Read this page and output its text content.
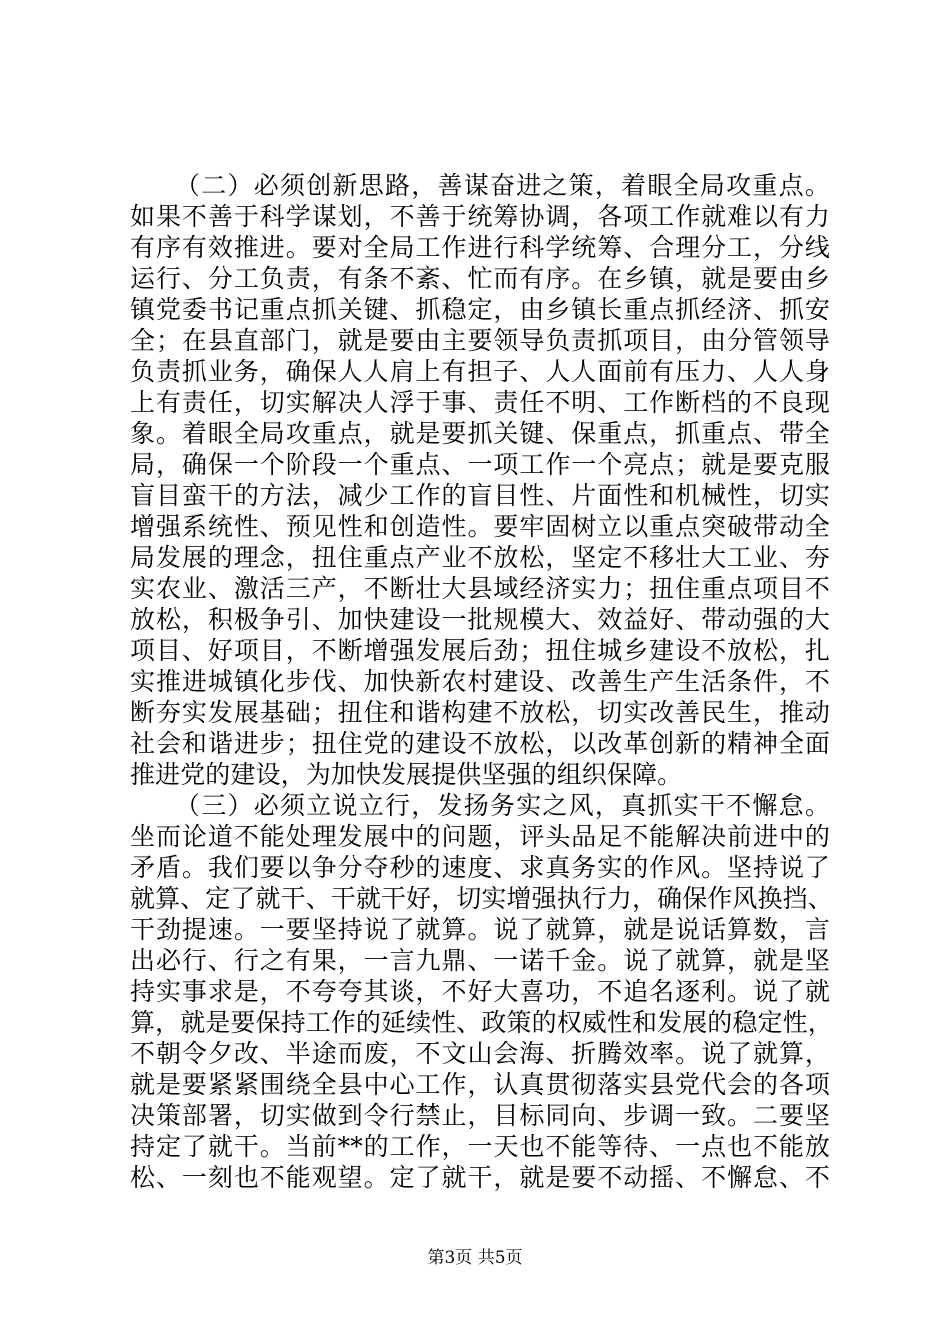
（二）必须创新思路，善谋奋进之策，着眼全局攻重点。
如果不善于科学谋划，不善于统筹协调，各项工作就难以有力
有序有效推进。要对全局工作进行科学统筹、合理分工，分线
运行、分工负责，有条不紊、忙而有序。在乡镇，就是要由乡
镇党委书记重点抓关键、抓稳定，由乡镇长重点抓经济、抓安
全；在县直部门，就是要由主要领导负责抓项目，由分管领导
负责抓业务，确保人人肩上有担子、人人面前有压力、人人身
上有责任，切实解决人浮于事、责任不明、工作断档的不良现
象。着眼全局攻重点，就是要抓关键、保重点，抓重点、带全
局，确保一个阶段一个重点、一项工作一个亮点；就是要克服
盲目蛮干的方法，减少工作的盲目性、片面性和机械性，切实
增强系统性、预见性和创造性。要牢固树立以重点突破带动全
局发展的理念，扭住重点产业不放松，坚定不移壮大工业、夯
实农业、激活三产，不断壮大县域经济实力；扭住重点项目不
放松，积极争引、加快建设一批规模大、效益好、带动强的大
项目、好项目，不断增强发展后劲；扭住城乡建设不放松，扎
实推进城镇化步伐、加快新农村建设、改善生产生活条件，不
断夯实发展基础；扭住和谐构建不放松，切实改善民生，推动
社会和谐进步；扭住党的建设不放松，以改革创新的精神全面
推进党的建设，为加快发展提供坚强的组织保障。
（三）必须立说立行，发扬务实之风，真抓实干不懈怠。
坐而论道不能处理发展中的问题，评头品足不能解决前进中的
矛盾。我们要以争分夺秒的速度、求真务实的作风。坚持说了
就算、定了就干、干就干好，切实增强执行力，确保作风换挡、
干劲提速。一要坚持说了就算。说了就算，就是说话算数，言
出必行、行之有果，一言九鼎、一诺千金。说了就算，就是坚
持实事求是，不夸夸其谈，不好大喜功，不追名逐利。说了就
算，就是要保持工作的延续性、政策的权威性和发展的稳定性，
不朝令夕改、半途而废，不文山会海、折腾效率。说了就算，
就是要紧紧围绕全县中心工作，认真贯彻落实县党代会的各项
决策部署，切实做到令行禁止，目标同向、步调一致。二要坚
持定了就干。当前**的工作，一天也不能等待、一点也不能放
松、一刻也不能观望。定了就干，就是要不动摇、不懈怠、不
第3页 共5页
